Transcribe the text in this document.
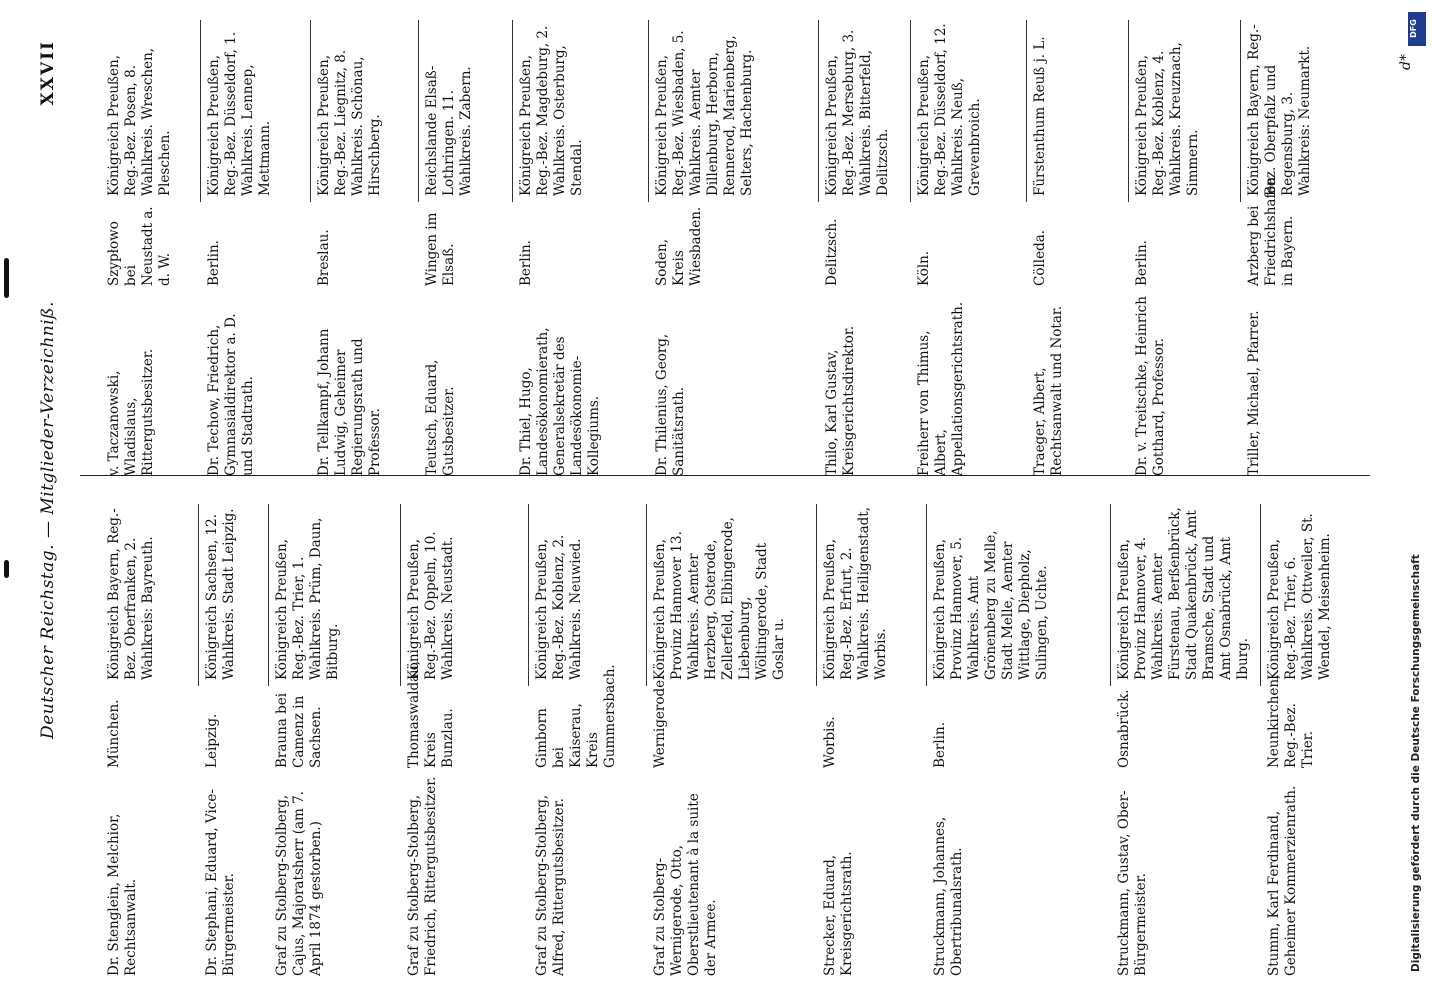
Deutscher Reichstag. — Mitglieder-Verzeichniß.
XXVII
Dr. Stenglein, Melchior, Rechtsanwalt.
München.
Königreich Bayern, Reg.-Bez. Oberfranken, 2. Wahlkreis: Bayreuth.
Dr. Stephani, Eduard, Vice-Bürgermeister.
Leipzig.
Königreich Sachsen, 12. Wahlkreis. Stadt Leipzig.
Graf zu Stolberg-Stolberg, Cajus, Majoratsherr (am 7. April 1874 gestorben.)
Brauna bei Camenz in Sachsen.
Königreich Preußen, Reg.-Bez. Trier, 1. Wahlkreis. Prüm, Daun, Bitburg.
Graf zu Stolberg-Stolberg, Friedrich, Rittergutsbesitzer.
Thomaswaldau, Kreis Bunzlau.
Königreich Preußen, Reg.-Bez. Oppeln, 10. Wahlkreis. Neustadt.
Graf zu Stolberg-Stolberg, Alfred, Rittergutsbesitzer.
Gimborn bei Kaiserau, Kreis Gummersbach.
Königreich Preußen, Reg.-Bez. Koblenz, 2. Wahlkreis. Neuwied.
Graf zu Stolberg-Wernigerode, Otto, Oberstlieutenant à la suite der Armee.
Wernigerode.
Königreich Preußen, Provinz Hannover 13. Wahlkreis. Aemter Herzberg, Osterode, Zellerfeld, Elbingerode, Liebenburg, Wöltingerode, Stadt Goslar u.
Strecker, Eduard, Kreisgerichtsrath.
Worbis.
Königreich Preußen, Reg.-Bez. Erfurt, 2. Wahlkreis. Heiligenstadt, Worbis.
Struckmann, Johannes, Obertribunalsrath.
Berlin.
Königreich Preußen, Provinz Hannover, 5. Wahlkreis. Amt Grönenberg zu Melle, Stadt Melle, Aemter Wittlage, Diepholz, Sulingen, Uchte.
Struckmann, Gustav, Ober-Bürgermeister.
Osnabrück.
Königreich Preußen, Provinz Hannover, 4. Wahlkreis. Aemter Fürstenau, Berßenbrück, Stadt Quakenbrück, Amt Bramsche, Stadt und Amt Osnabrück, Amt Iburg.
Stumm, Karl Ferdinand, Geheimer Kommerzienrath.
Neunkirchen, Reg.-Bez. Trier.
Königreich Preußen, Reg.-Bez. Trier, 6. Wahlkreis. Ottweiler, St. Wendel, Meisenheim.
v. Taczanowski, Wladislaus, Rittergutsbesitzer.
Szypłowo bei Neustadt a. d. W.
Königreich Preußen, Reg.-Bez. Posen, 8. Wahlkreis. Wreschen, Pleschen.
Dr. Techow, Friedrich, Gymnasialdirektor a. D. und Stadtrath.
Berlin.
Königreich Preußen, Reg.-Bez. Düsseldorf, 1. Wahlkreis. Lennep, Mettmann.
Dr. Tellkampf, Johann Ludwig, Geheimer Regierungsrath und Professor.
Breslau.
Königreich Preußen, Reg.-Bez. Liegnitz, 8. Wahlkreis. Schönau, Hirschberg.
Teutsch, Eduard, Gutsbesitzer.
Wingen im Elsaß.
Reichslande Elsaß-Lothringen. 11. Wahlkreis. Zabern.
Dr. Thiel, Hugo, Landesökonomierath, Generalsekretär des Landesökonomie-Kollegiums.
Berlin.
Königreich Preußen, Reg.-Bez. Magdeburg, 2. Wahlkreis. Osterburg, Stendal.
Dr. Thilenius, Georg, Sanitätsrath.
Soden, Kreis Wiesbaden.
Königreich Preußen, Reg.-Bez. Wiesbaden, 5. Wahlkreis. Aemter Dillenburg, Herborn, Rennerod, Marienberg, Selters, Hachenburg.
Thilo, Karl Gustav, Kreisgerichtsdirektor.
Delitzsch.
Königreich Preußen, Reg.-Bez. Merseburg, 3. Wahlkreis. Bitterfeld, Delitzsch.
Freiherr von Thimus, Albert, Appellationsgerichtsrath.
Köln.
Königreich Preußen, Reg.-Bez. Düsseldorf, 12. Wahlkreis. Neuß, Grevenbroich.
Traeger, Albert, Rechtsanwalt und Notar.
Cölleda.
Fürstenthum Reuß j. L.
Dr. v. Treitschke, Heinrich Gotthard, Professor.
Berlin.
Königreich Preußen, Reg.-Bez. Koblenz, 4. Wahlkreis. Kreuznach, Simmern.
Triller, Michael, Pfarrer.
Arzberg bei Friedrichshafen in Bayern.
Königreich Bayern, Reg.-Bez. Oberpfalz und Regensburg, 3. Wahlkreis: Neumarkt.	d*
DFG
Digitalisierung gefördert durch die Deutsche Forschungsgemeinschaft
